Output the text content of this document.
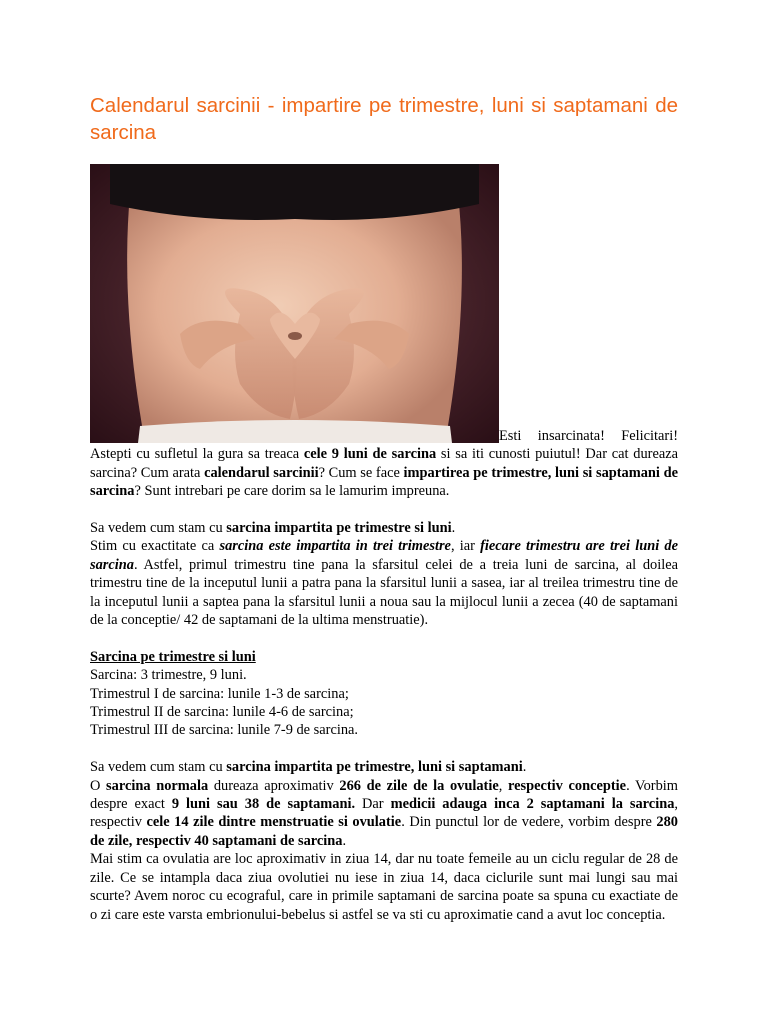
Calendarul sarcinii - impartire pe trimestre, luni si saptamani de sarcina

Esti insarcinata! Felicitari! Astepti cu sufletul la gura sa treaca cele 9 luni de sarcina si sa iti cunosti puiutul! Dar cat dureaza sarcina? Cum arata calendarul sarcinii? Cum se face impartirea pe trimestre, luni si saptamani de sarcina? Sunt intrebari pe care dorim sa le lamurim impreuna.

Sa vedem cum stam cu sarcina impartita pe trimestre si luni.

Stim cu exactitate ca sarcina este impartita in trei trimestre, iar fiecare trimestru are trei luni de sarcina. Astfel, primul trimestru tine pana la sfarsitul celei de a treia luni de sarcina, al doilea trimestru tine de la inceputul lunii a patra pana la sfarsitul lunii a sasea, iar al treilea trimestru tine de la inceputul lunii a saptea pana la sfarsitul lunii a noua sau la mijlocul lunii a zecea (40 de saptamani de la conceptie/ 42 de saptamani de la ultima menstruatie).

Sarcina pe trimestre si luni

Sarcina: 3 trimestre, 9 luni.

Trimestrul I de sarcina: lunile 1-3 de sarcina;

Trimestrul II de sarcina: lunile 4-6 de sarcina;

Trimestrul III de sarcina: lunile 7-9 de sarcina.

Sa vedem cum stam cu sarcina impartita pe trimestre, luni si saptamani.

O sarcina normala dureaza aproximativ 266 de zile de la ovulatie, respectiv conceptie. Vorbim despre exact 9 luni sau 38 de saptamani. Dar medicii adauga inca 2 saptamani la sarcina, respectiv cele 14 zile dintre menstruatie si ovulatie. Din punctul lor de vedere, vorbim despre 280 de zile, respectiv 40 saptamani de sarcina.

Mai stim ca ovulatia are loc aproximativ in ziua 14, dar nu toate femeile au un ciclu regular de 28 de zile. Ce se intampla daca ziua ovolutiei nu iese in ziua 14, daca ciclurile sunt mai lungi sau mai scurte? Avem noroc cu ecograful, care in primile saptamani de sarcina poate sa spuna cu exactiate de o zi care este varsta embrionului-bebelus si astfel se va sti cu aproximatie cand a avut loc conceptia.
